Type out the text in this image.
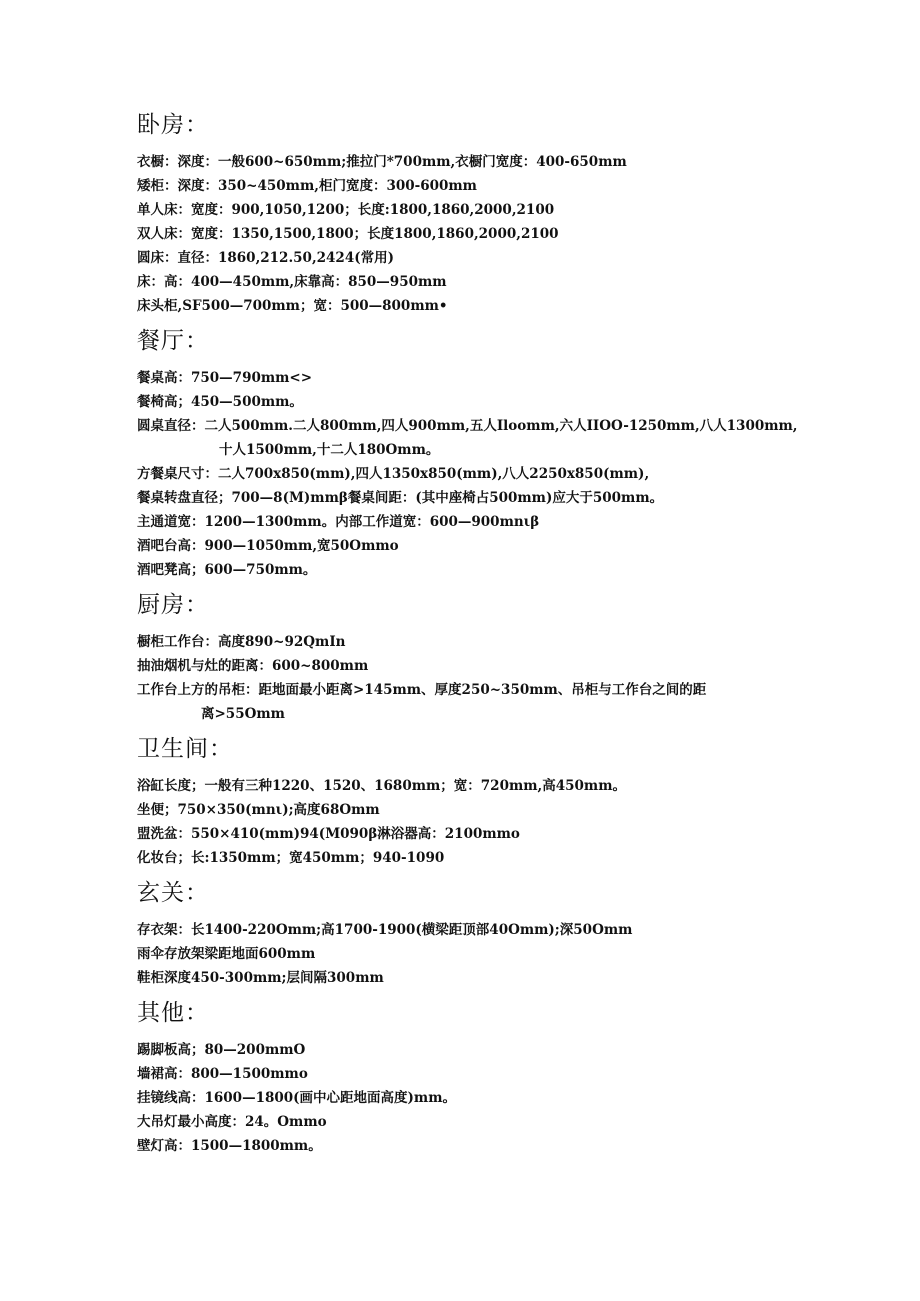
卧房：

衣橱：深度：一般600~650mm;推拉门*700mm,衣橱门宽度：400-650mm

矮柜：深度：350~450mm,柜门宽度：300-600mm

单人床：宽度：900,1050,1200；长度:1800,1860,2000,2100

双人床：宽度：1350,1500,1800；长度1800,1860,2000,2100

圆床：直径：1860,212.50,2424(常用)

床：高：400—450mm,床靠高：850—950mm

床头柜,SF500—700mm；宽：500—800mm•

餐厅：

餐桌高：750—790mm<>

餐椅高；450—500mm。

圆桌直径：二人500mm.二人800mm,四人900mm,五人Iloomm,六人IIOO-1250mm,八人1300mm,

十人1500mm,十二人180Omm。

方餐桌尺寸：二人700x850(mm),四人1350x850(mm),八人2250x850(mm),

餐桌转盘直径；700—8(M)mmβ餐桌间距：(其中座椅占500mm)应大于500mm。

主通道宽：1200—1300mm。内部工作道宽：600—900mnιβ

酒吧台高：900—1050mm,宽50Ommo

酒吧凳高；600—750mm。

厨房：

橱柜工作台：高度890~92QmIn

抽油烟机与灶的距离：600~800mm

工作台上方的吊柜：距地面最小距离>145mm、厚度250~350mm、吊柜与工作台之间的距

离>55Omm

卫生间：

浴缸长度；一般有三种1220、1520、1680mm；宽：720mm,高450mm。

坐便；750×350(mnι);高度68Omm

盟洗盆：550×410(mm)94(M090β淋浴器高：2100mmo

化妆台；长:1350mm；宽450mm；940-1090

玄关：

存衣架：长1400-220Omm;高1700-1900(横梁距顶部40Omm);深50Omm

雨伞存放架梁距地面600mm

鞋柜深度450-300mm;层间隔300mm

其他：

踢脚板高；80—200mmO

墙裙高：800—1500mmo

挂镜线高：1600—1800(画中心距地面高度)mm。

大吊灯最小高度：24。Ommo

壁灯高：1500—1800mm。
